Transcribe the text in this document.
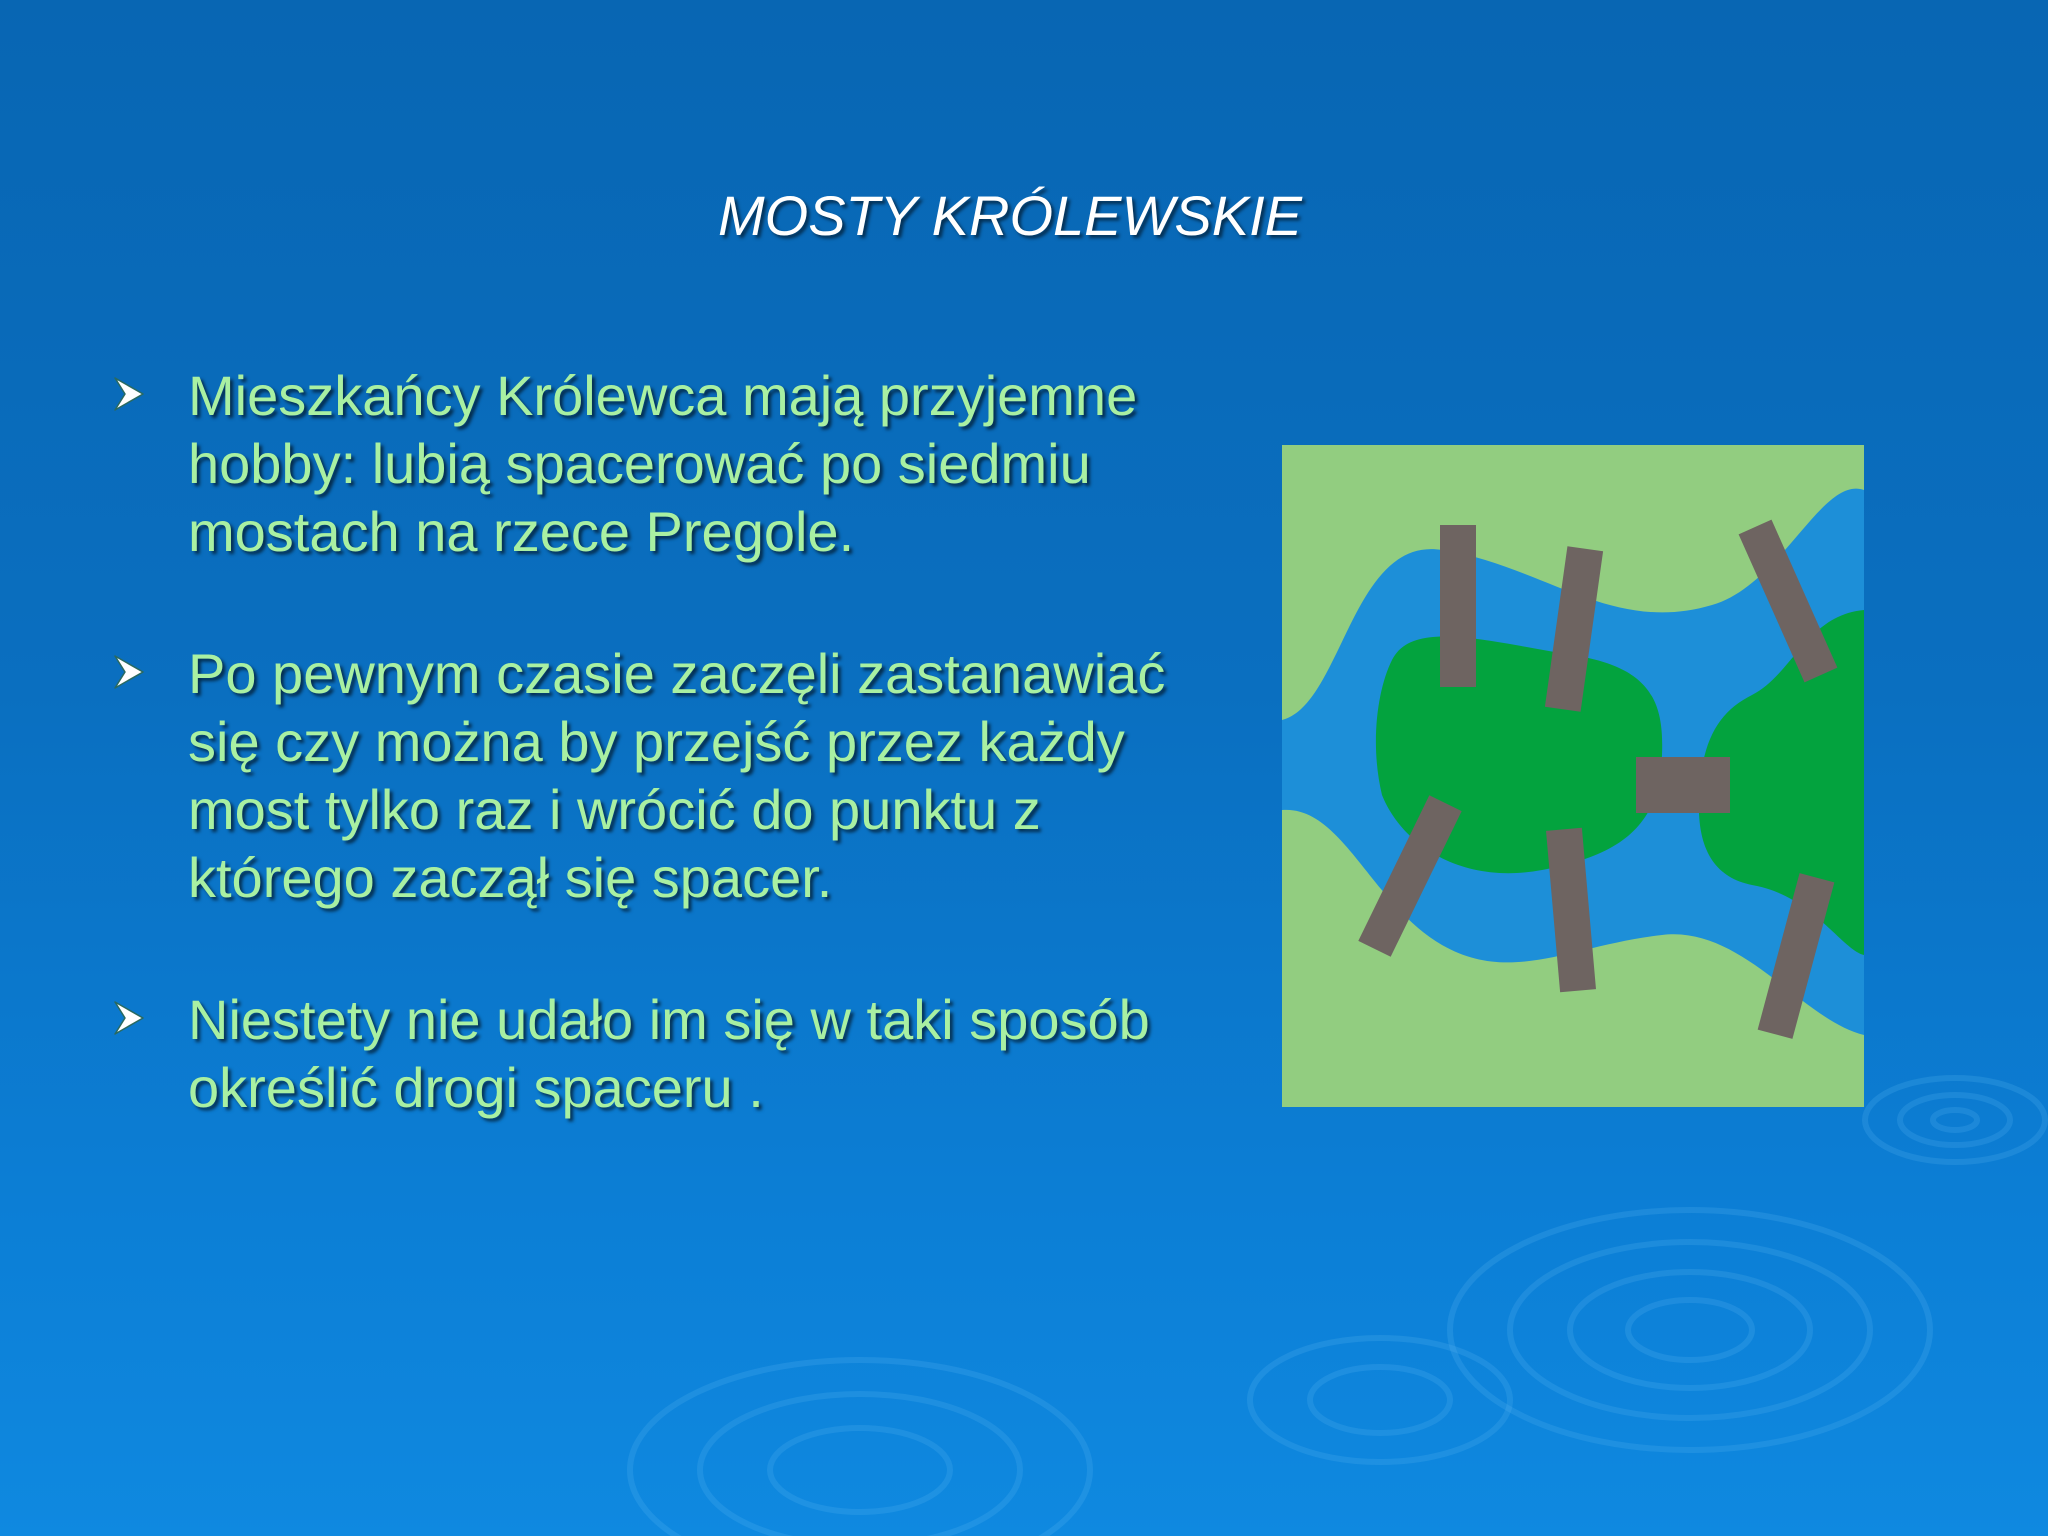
MOSTY KRÓLEWSKIE
Mieszkańcy Królewca mają przyjemne hobby: lubią spacerować po siedmiu mostach na rzece Pregole.
Po pewnym czasie zaczęli zastanawiać się czy można by przejść przez każdy most tylko raz i wrócić do punktu z którego zaczął się spacer.
Niestety nie udało im się w taki sposób określić drogi spaceru .
